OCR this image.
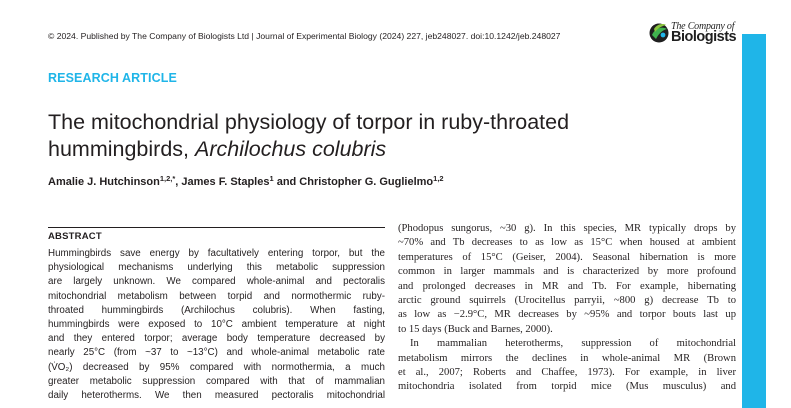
© 2024. Published by The Company of Biologists Ltd | Journal of Experimental Biology (2024) 227, jeb248027. doi:10.1242/jeb.248027
The Company of
Biologists
RESEARCH ARTICLE
The mitochondrial physiology of torpor in ruby-throated hummingbirds, Archilochus colubris
Amalie J. Hutchinson$^{1,2,*}$, James F. Staples$^1$ and Christopher G. Guglielmo$^{1,2}$
ABSTRACT

Hummingbirds save energy by facultatively entering torpor, but the
physiological mechanisms underlying this metabolic suppression
are largely unknown. We compared whole-animal and pectoralis
mitochondrial metabolism between torpid and normothermic ruby-
throated hummingbirds (Archilochus colubris). When fasting,
hummingbirds were exposed to 10°C ambient temperature at night
and they entered torpor; average body temperature decreased by
nearly 25°C (from ~37 to ~13°C) and whole-animal metabolic rate
(V̇O₂) decreased by 95% compared with normothermia, a much
greater metabolic suppression compared with that of mammalian
daily heterotherms. We then measured pectoralis mitochondrial

(Phodopus sungorus, ~30 g). In this species, MR typically drops by
~70% and Tb decreases to as low as 15°C when housed at ambient
temperatures of 15°C (Geiser, 2004). Seasonal hibernation is more
common in larger mammals and is characterized by more profound
and prolonged decreases in MR and Tb. For example, hibernating
arctic ground squirrels (Urocitellus parryii, ~800 g) decrease Tb to
as low as −2.9°C, MR decreases by ~95% and torpor bouts last up
to 15 days (Buck and Barnes, 2000).
In mammalian heterotherms, suppression of mitochondrial
metabolism mirrors the declines in whole-animal MR (Brown
et al., 2007; Roberts and Chaffee, 1973). For example, in liver
mitochondria isolated from torpid mice (Mus musculus) and
